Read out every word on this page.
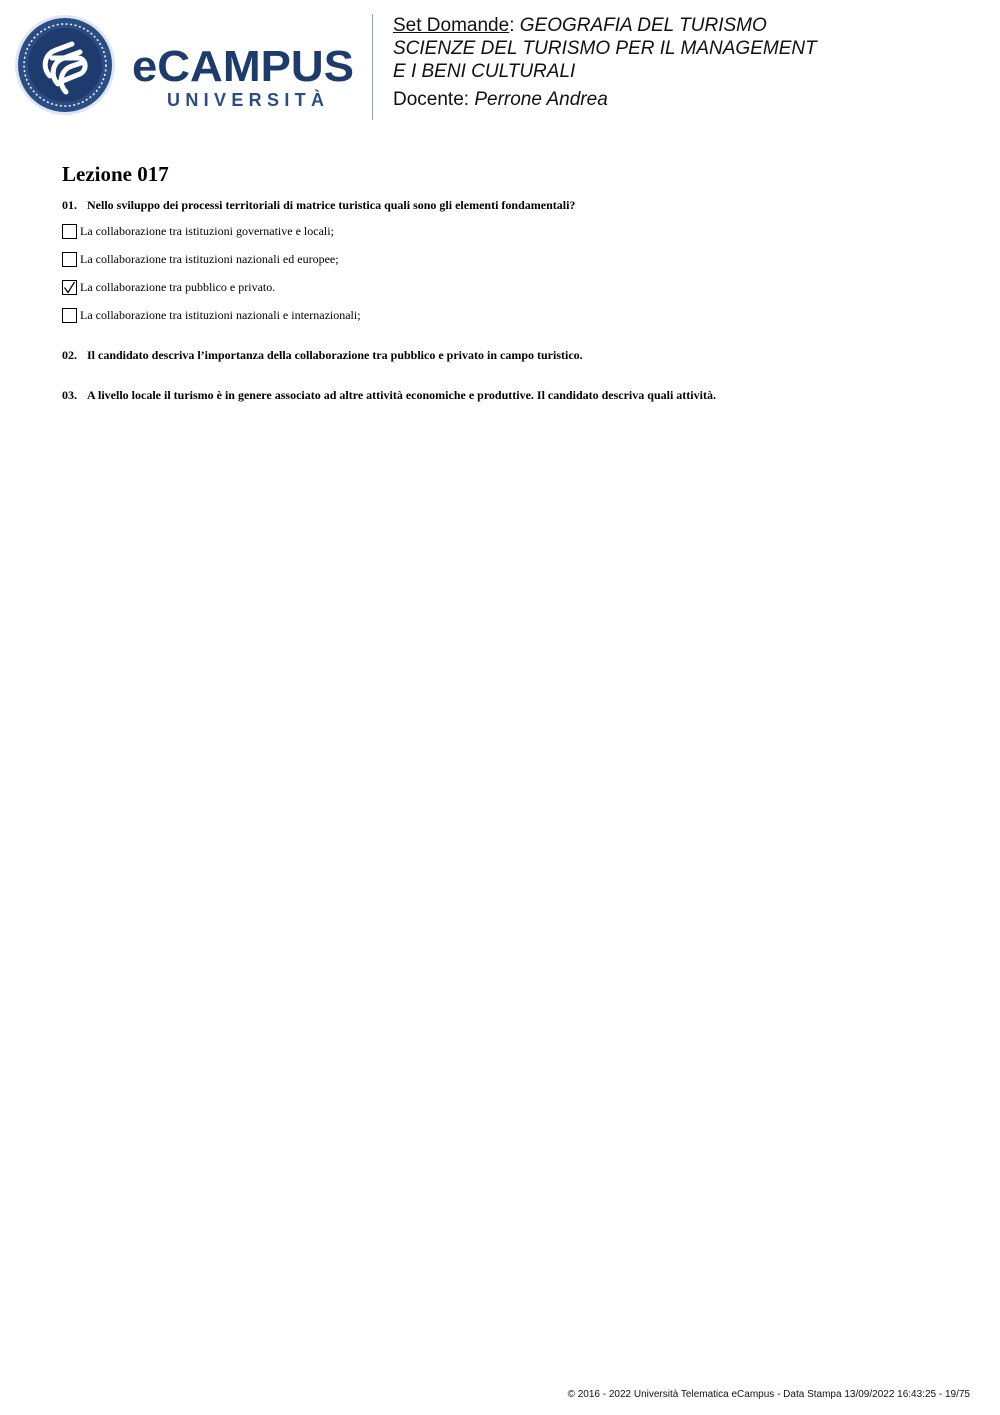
eCAMPUS
UNIVERSITÀ
Set Domande: GEOGRAFIA DEL TURISMO
SCIENZE DEL TURISMO PER IL MANAGEMENT
E I BENI CULTURALI
Docente: Perrone Andrea
Lezione 017
01. Nello sviluppo dei processi territoriali di matrice turistica quali sono gli elementi fondamentali?
La collaborazione tra istituzioni governative e locali;
La collaborazione tra istituzioni nazionali ed europee;
La collaborazione tra pubblico e privato.
La collaborazione tra istituzioni nazionali e internazionali;
02. Il candidato descriva l’importanza della collaborazione tra pubblico e privato in campo turistico.
03. A livello locale il turismo è in genere associato ad altre attività economiche e produttive. Il candidato descriva quali attività.
© 2016 - 2022 Università Telematica eCampus - Data Stampa 13/09/2022 16:43:25 - 19/75
